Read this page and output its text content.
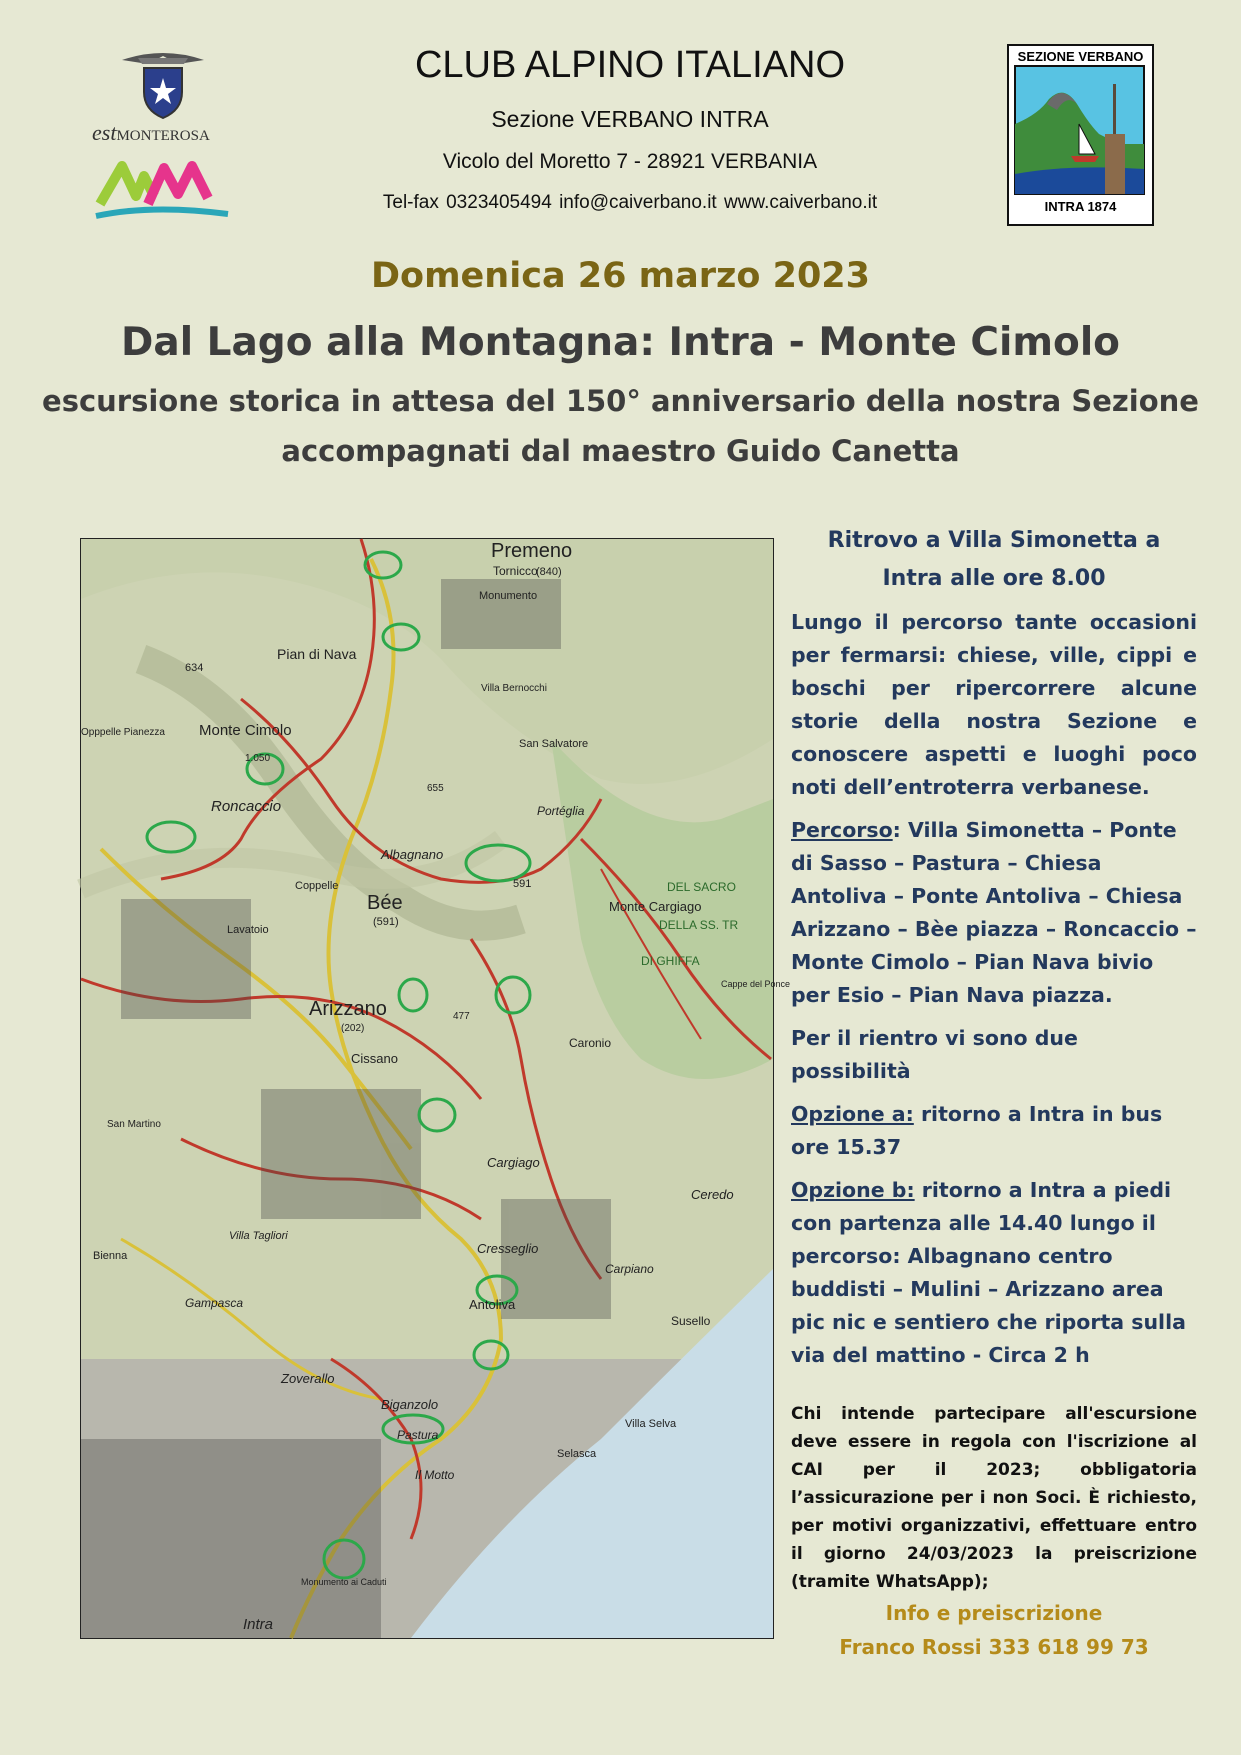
estMONTEROSA
SEZIONE VERBANO
INTRA 1874
CLUB ALPINO ITALIANO
Sezione VERBANO INTRA
Vicolo del Moretto 7 - 28921 VERBANIA
Tel-fax 0323405494 info@caiverbano.it www.caiverbano.it
Domenica 26 marzo 2023
Dal Lago alla Montagna: Intra - Monte Cimolo
escursione storica in attesa del 150° anniversario della nostra Sezione
accompagnati dal maestro Guido Canetta
Premeno
Tornicco
(840)
Monumento
Pian di Nava
634
Monte Cimolo
1.050
Roncaccio
Albagnano
655
Portéglia
San Salvatore
Villa Bernocchi
Bée
(591)
591
Lavatoio
Coppelle
Arizzano
(202)
477
Cissano
Caronio
Monte Cargiago
DEL SACRO
DELLA SS. TR
DI GHIFFA
Cappe del Ponce
Cargiago
Ceredo
Cresseglio
Carpiano
Antoliva
Susello
Villa Tagliori
Bienna
Gampasca
Zoverallo
Biganzolo
Pastura
Villa Selva
Selasca
Il Motto
Intra
Monumento ai Caduti
Opppelle Pianezza
San Martino
Ritrovo a Villa Simonetta a
Intra alle ore 8.00
Lungo il percorso tante occasioni per fermarsi: chiese, ville, cippi e boschi per ripercorrere alcune storie della nostra Sezione e conoscere aspetti e luoghi poco noti dell’entroterra verbanese.
Percorso: Villa Simonetta – Ponte di Sasso – Pastura – Chiesa Antoliva – Ponte Antoliva – Chiesa Arizzano – Bèe piazza – Roncaccio – Monte Cimolo – Pian Nava bivio per Esio – Pian Nava piazza.
Per il rientro vi sono due possibilità
Opzione a: ritorno a Intra in bus ore 15.37
Opzione b: ritorno a Intra a piedi con partenza alle 14.40 lungo il percorso: Albagnano centro buddisti – Mulini – Arizzano area pic nic e sentiero che riporta sulla via del mattino - Circa 2 h
Chi intende partecipare all'escursione deve essere in regola con l'iscrizione al CAI per il 2023; obbligatoria l’assicurazione per i non Soci. È richiesto, per motivi organizzativi, effettuare entro il giorno 24/03/2023 la preiscrizione (tramite WhatsApp);
Info e preiscrizione
Franco Rossi 333 618 99 73
